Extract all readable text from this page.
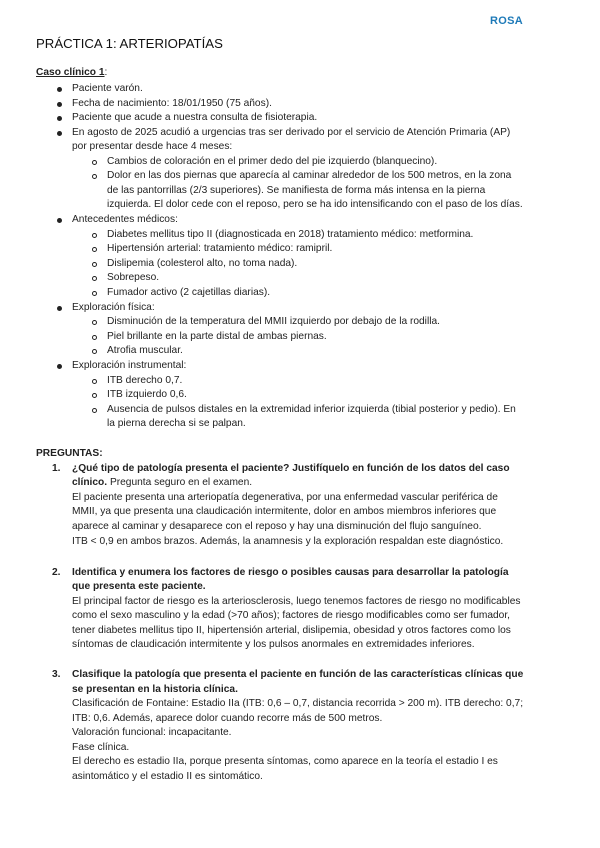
ROSA
PRÁCTICA 1: ARTERIOPATÍAS
Caso clínico 1:
Paciente varón.
Fecha de nacimiento: 18/01/1950 (75 años).
Paciente que acude a nuestra consulta de fisioterapia.
En agosto de 2025 acudió a urgencias tras ser derivado por el servicio de Atención Primaria (AP)
por presentar desde hace 4 meses:
Cambios de coloración en el primer dedo del pie izquierdo (blanquecino).
Dolor en las dos piernas que aparecía al caminar alrededor de los 500 metros, en la zona
de las pantorrillas (2/3 superiores). Se manifiesta de forma más intensa en la pierna
izquierda. El dolor cede con el reposo, pero se ha ido intensificando con el paso de los días.
Antecedentes médicos:
Diabetes mellitus tipo II (diagnosticada en 2018) tratamiento médico: metformina.
Hipertensión arterial: tratamiento médico: ramipril.
Dislipemia (colesterol alto, no toma nada).
Sobrepeso.
Fumador activo (2 cajetillas diarias).
Exploración física:
Disminución de la temperatura del MMII izquierdo por debajo de la rodilla.
Piel brillante en la parte distal de ambas piernas.
Atrofia muscular.
Exploración instrumental:
ITB derecho 0,7.
ITB izquierdo 0,6.
Ausencia de pulsos distales en la extremidad inferior izquierda (tibial posterior y pedio). En
la pierna derecha si se palpan.
PREGUNTAS:
1. ¿Qué tipo de patología presenta el paciente? Justifíquelo en función de los datos del caso
clínico. Pregunta seguro en el examen.
El paciente presenta una arteriopatía degenerativa, por una enfermedad vascular periférica de
MMII, ya que presenta una claudicación intermitente, dolor en ambos miembros inferiores que
aparece al caminar y desaparece con el reposo y hay una disminución del flujo sanguíneo.
ITB < 0,9 en ambos brazos. Además, la anamnesis y la exploración respaldan este diagnóstico.
2. Identifica y enumera los factores de riesgo o posibles causas para desarrollar la patología
que presenta este paciente.
El principal factor de riesgo es la arteriosclerosis, luego tenemos factores de riesgo no modificables
como el sexo masculino y la edad (>70 años); factores de riesgo modificables como ser fumador,
tener diabetes mellitus tipo II, hipertensión arterial, dislipemia, obesidad y otros factores como los
síntomas de claudicación intermitente y los pulsos anormales en extremidades inferiores.
3. Clasifique la patología que presenta el paciente en función de las características clínicas que
se presentan en la historia clínica.
Clasificación de Fontaine: Estadio IIa (ITB: 0,6 – 0,7, distancia recorrida > 200 m). ITB derecho: 0,7;
ITB: 0,6. Además, aparece dolor cuando recorre más de 500 metros.
Valoración funcional: incapacitante.
Fase clínica.
El derecho es estadio IIa, porque presenta síntomas, como aparece en la teoría el estadio I es
asintomático y el estadio II es sintomático.
